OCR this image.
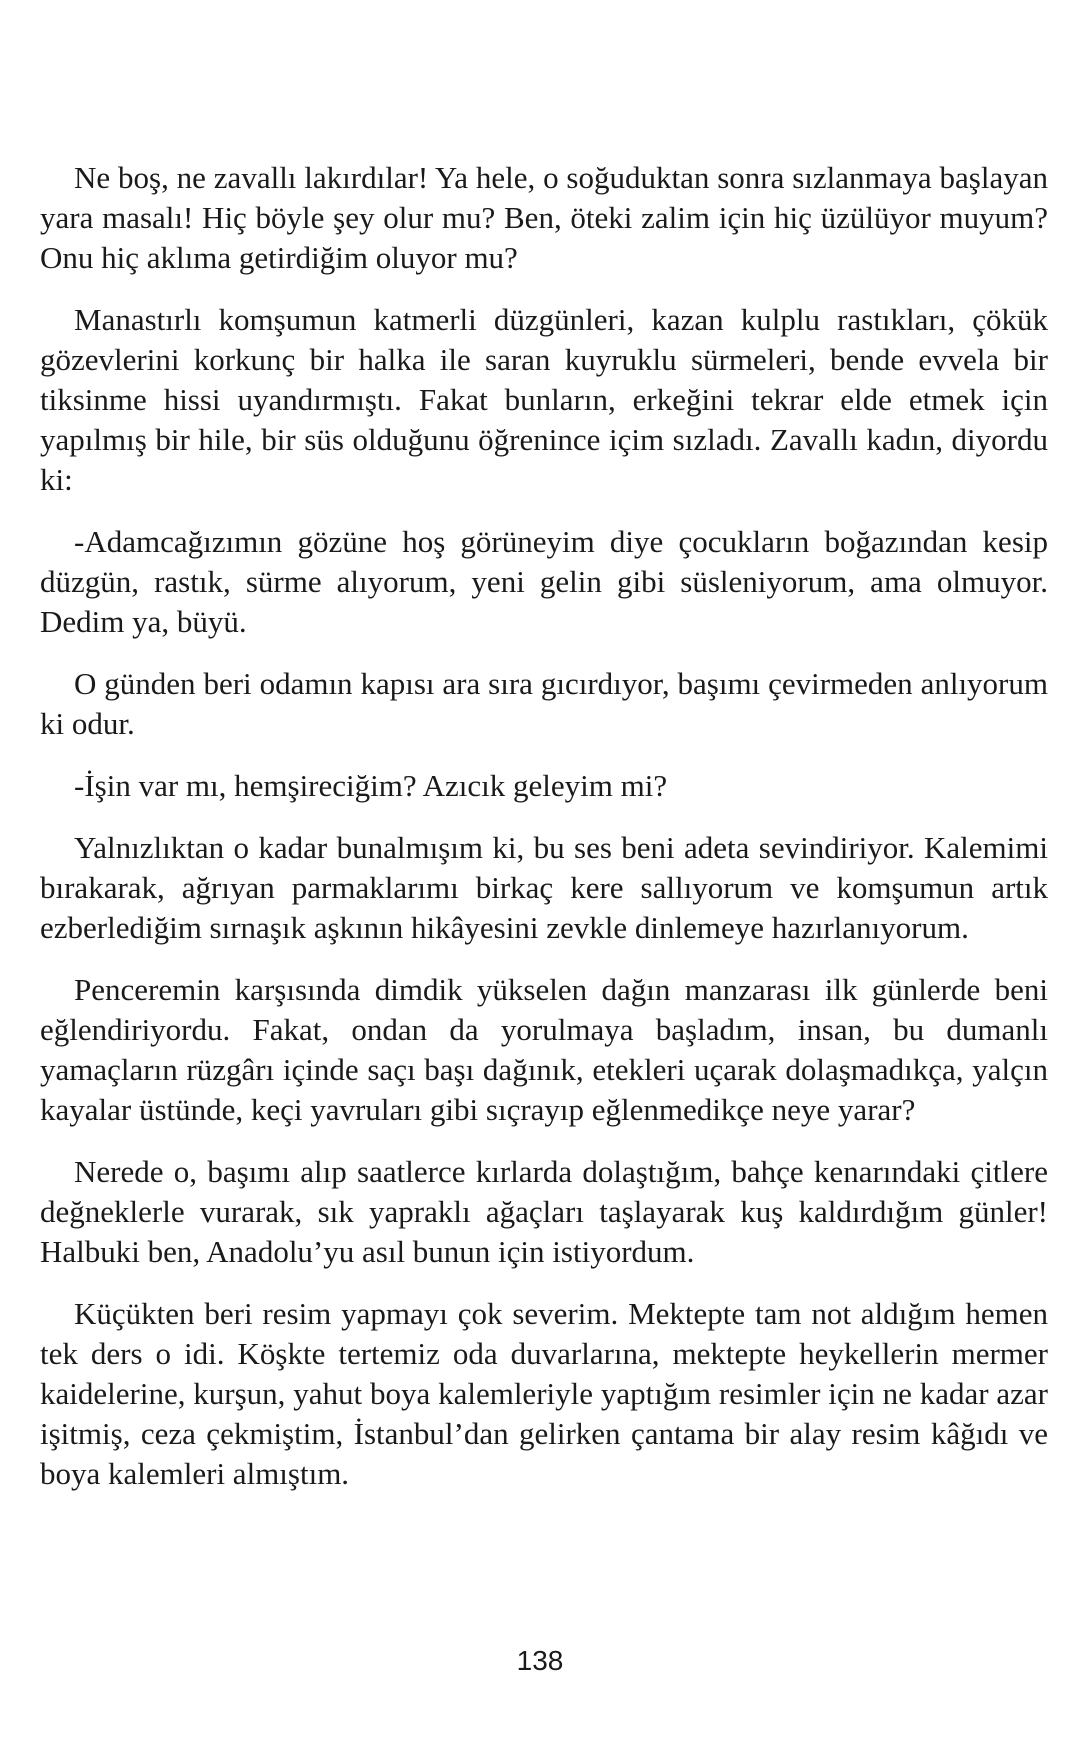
Ne boş, ne zavallı lakırdılar! Ya hele, o soğuduktan sonra sızlanmaya başlayan yara masalı! Hiç böyle şey olur mu? Ben, öteki zalim için hiç üzülüyor muyum? Onu hiç aklıma getirdiğim oluyor mu?

Manastırlı komşumun katmerli düzgünleri, kazan kulplu rastıkları, çökük gözevlerini korkunç bir halka ile saran kuyruklu sürmeleri, bende evvela bir tiksinme hissi uyandırmıştı. Fakat bunların, erkeğini tekrar elde etmek için yapılmış bir hile, bir süs olduğunu öğrenince içim sızladı. Zavallı kadın, diyordu ki:

-Adamcağızımın gözüne hoş görüneyim diye çocukların boğazından kesip düzgün, rastık, sürme alıyorum, yeni gelin gibi süsleniyorum, ama olmuyor. Dedim ya, büyü.

O günden beri odamın kapısı ara sıra gıcırdıyor, başımı çevirmeden anlıyorum ki odur.

-İşin var mı, hemşireciğim? Azıcık geleyim mi?

Yalnızlıktan o kadar bunalmışım ki, bu ses beni adeta sevindiriyor. Kalemimi bırakarak, ağrıyan parmaklarımı birkaç kere sallıyorum ve komşumun artık ezberlediğim sırnaşık aşkının hikâyesini zevkle dinlemeye hazırlanıyorum.

Penceremin karşısında dimdik yükselen dağın manzarası ilk günlerde beni eğlendiriyordu. Fakat, ondan da yorulmaya başladım, insan, bu dumanlı yamaçların rüzgârı içinde saçı başı dağınık, etekleri uçarak dolaşmadıkça, yalçın kayalar üstünde, keçi yavruları gibi sıçrayıp eğlenmedikçe neye yarar?

Nerede o, başımı alıp saatlerce kırlarda dolaştığım, bahçe kenarındaki çitlere değneklerle vurarak, sık yapraklı ağaçları taşlayarak kuş kaldırdığım günler! Halbuki ben, Anadolu’yu asıl bunun için istiyordum.

Küçükten beri resim yapmayı çok severim. Mektepte tam not aldığım hemen tek ders o idi. Köşkte tertemiz oda duvarlarına, mektepte heykellerin mermer kaidelerine, kurşun, yahut boya kalemleriyle yaptığım resimler için ne kadar azar işitmiş, ceza çekmiştim, İstanbul’dan gelirken çantama bir alay resim kâğıdı ve boya kalemleri almıştım.

138
